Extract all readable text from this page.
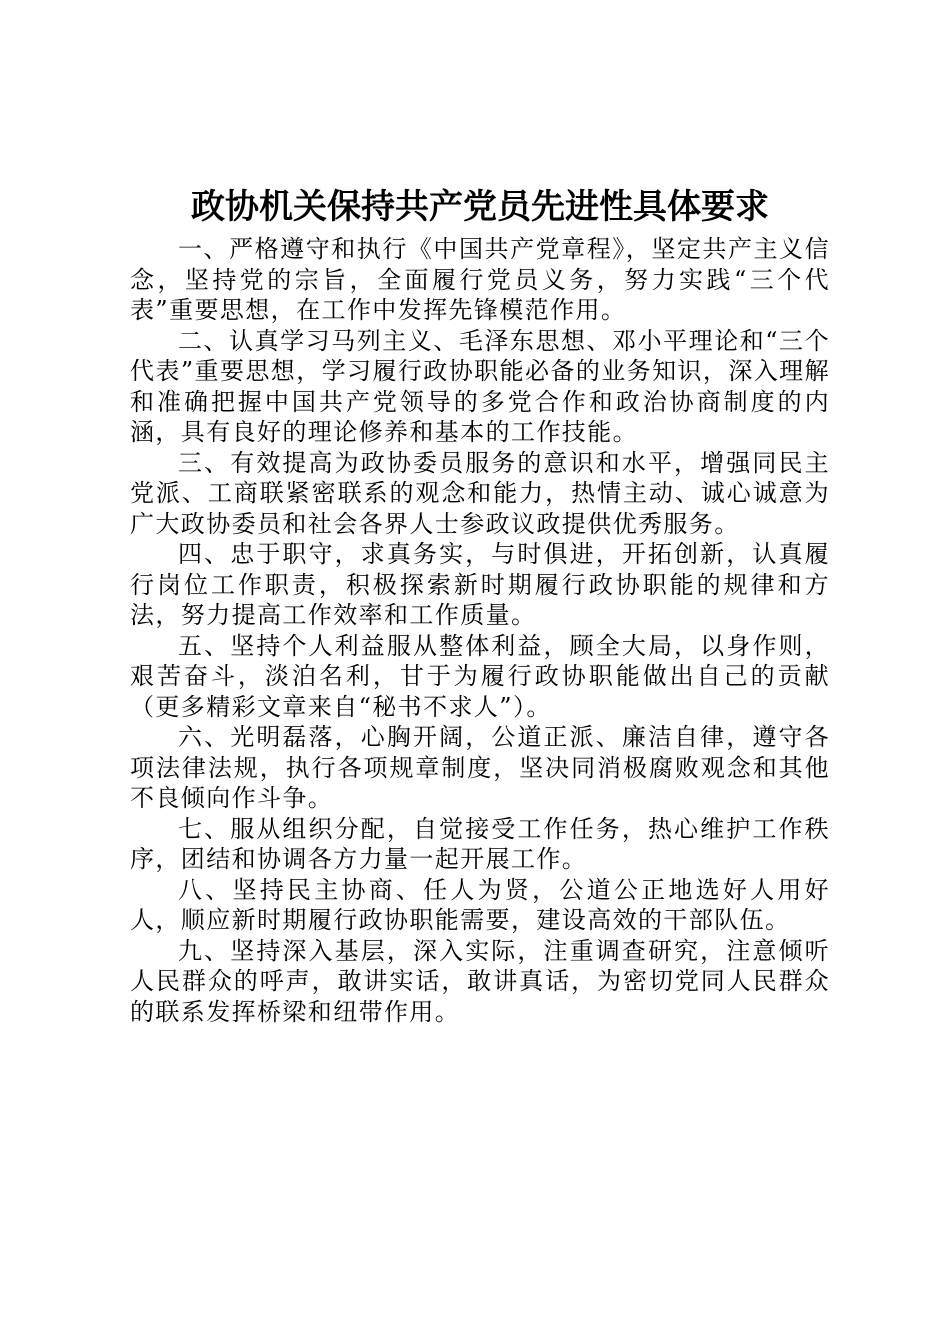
政协机关保持共产党员先进性具体要求

一、严格遵守和执行《中国共产党章程》，坚定共产主义信念，坚持党的宗旨，全面履行党员义务，努力实践“三个代表”重要思想，在工作中发挥先锋模范作用。

二、认真学习马列主义、毛泽东思想、邓小平理论和“三个代表”重要思想，学习履行政协职能必备的业务知识，深入理解和准确把握中国共产党领导的多党合作和政治协商制度的内涵，具有良好的理论修养和基本的工作技能。

三、有效提高为政协委员服务的意识和水平，增强同民主党派、工商联紧密联系的观念和能力，热情主动、诚心诚意为广大政协委员和社会各界人士参政议政提供优秀服务。

四、忠于职守，求真务实，与时俱进，开拓创新，认真履行岗位工作职责，积极探索新时期履行政协职能的规律和方法，努力提高工作效率和工作质量。

五、坚持个人利益服从整体利益，顾全大局，以身作则，艰苦奋斗，淡泊名利，甘于为履行政协职能做出自己的贡献（更多精彩文章来自“秘书不求人”）。

六、光明磊落，心胸开阔，公道正派、廉洁自律，遵守各项法律法规，执行各项规章制度，坚决同消极腐败观念和其他不良倾向作斗争。

七、服从组织分配，自觉接受工作任务，热心维护工作秩序，团结和协调各方力量一起开展工作。

八、坚持民主协商、任人为贤，公道公正地选好人用好人，顺应新时期履行政协职能需要，建设高效的干部队伍。

九、坚持深入基层，深入实际，注重调查研究，注意倾听人民群众的呼声，敢讲实话，敢讲真话，为密切党同人民群众的联系发挥桥梁和纽带作用。
